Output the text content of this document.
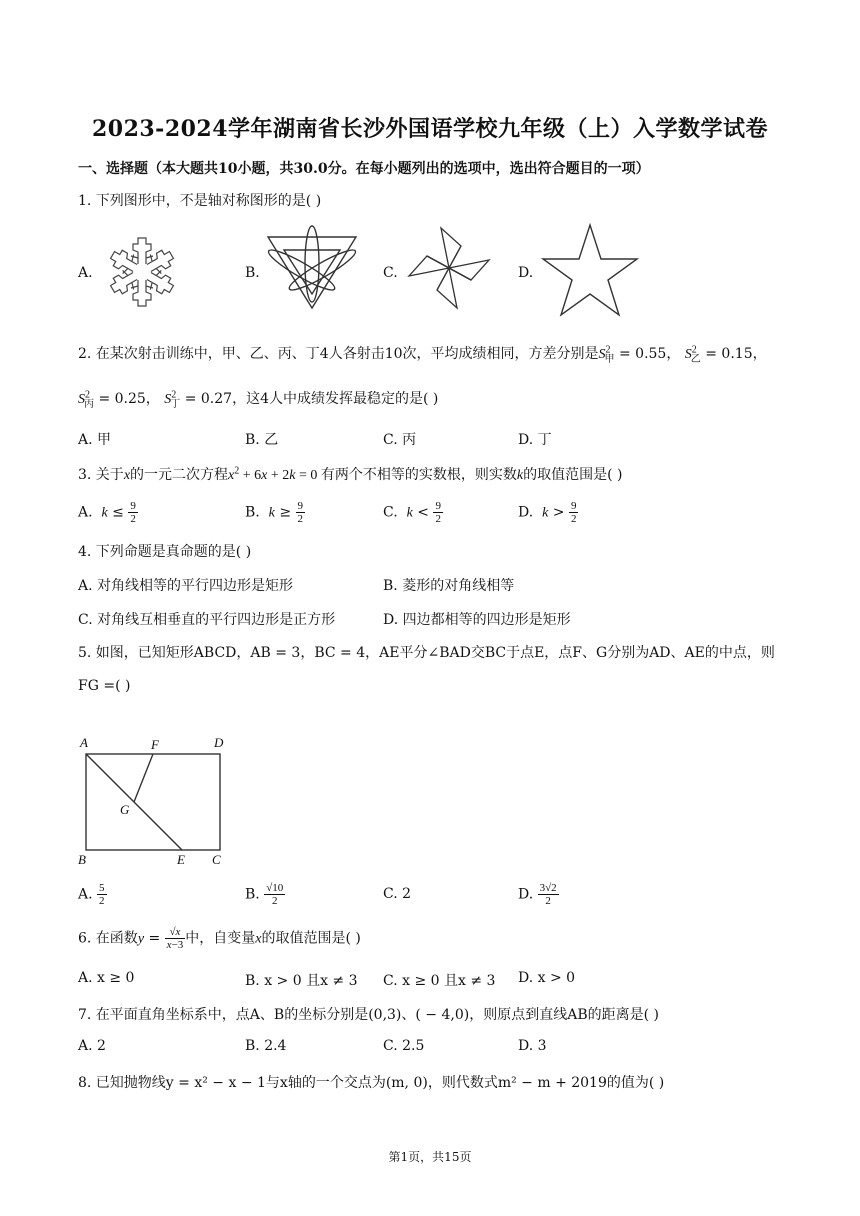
2023-2024学年湖南省长沙外国语学校九年级（上）入学数学试卷
一、选择题（本大题共10小题，共30.0分。在每小题列出的选项中，选出符合题目的一项）
1. 下列图形中，不是轴对称图形的是( )
A.	B.	C.	D.
2. 在某次射击训练中，甲、乙、丙、丁4人各射击10次，平均成绩相同，方差分别是$S^2_甲 = 0.55$， $S^2_乙 = 0.15$，
$S^2_丙 = 0.25$， $S^2_丁 = 0.27$，这4人中成绩发挥最稳定的是( )
A. 甲	B. 乙	C. 丙	D. 丁
3. 关于x的一元二次方程$x^2 + 6x + 2k = 0$ 有两个不相等的实数根，则实数k的取值范围是( )
A. $k \le \frac{9}{2}$	B. $k \ge \frac{9}{2}$	C. $k < \frac{9}{2}$	D. $k > \frac{9}{2}$
4. 下列命题是真命题的是( )
A. 对角线相等的平行四边形是矩形	B. 菱形的对角线相等
C. 对角线互相垂直的平行四边形是正方形	D. 四边都相等的四边形是矩形
5. 如图，已知矩形ABCD，AB = 3，BC = 4，AE平分∠BAD交BC于点E，点F、G分别为AD、AE的中点，则
FG =( )
A	F	D
G
B	E C
A. $\frac{5}{2}$	B. $\frac{√10}{2}$	C. 2	D. $\frac{3√2}{2}$
6. 在函数$y = \frac{√x}{x-3}$ 中，自变量x的取值范围是( )
A. x ≥ 0	B. x > 0 且x ≠ 3 C. x ≥ 0 且x ≠ 3 D. x > 0
7. 在平面直角坐标系中，点A、B的坐标分别是(0,3)、( − 4,0)，则原点到直线AB的距离是( )
A. 2	B. 2.4	C. 2.5	D. 3
8. 已知抛物线y = x² − x − 1与x轴的一个交点为(m, 0)，则代数式m² − m + 2019的值为( )
第1页，共15页
